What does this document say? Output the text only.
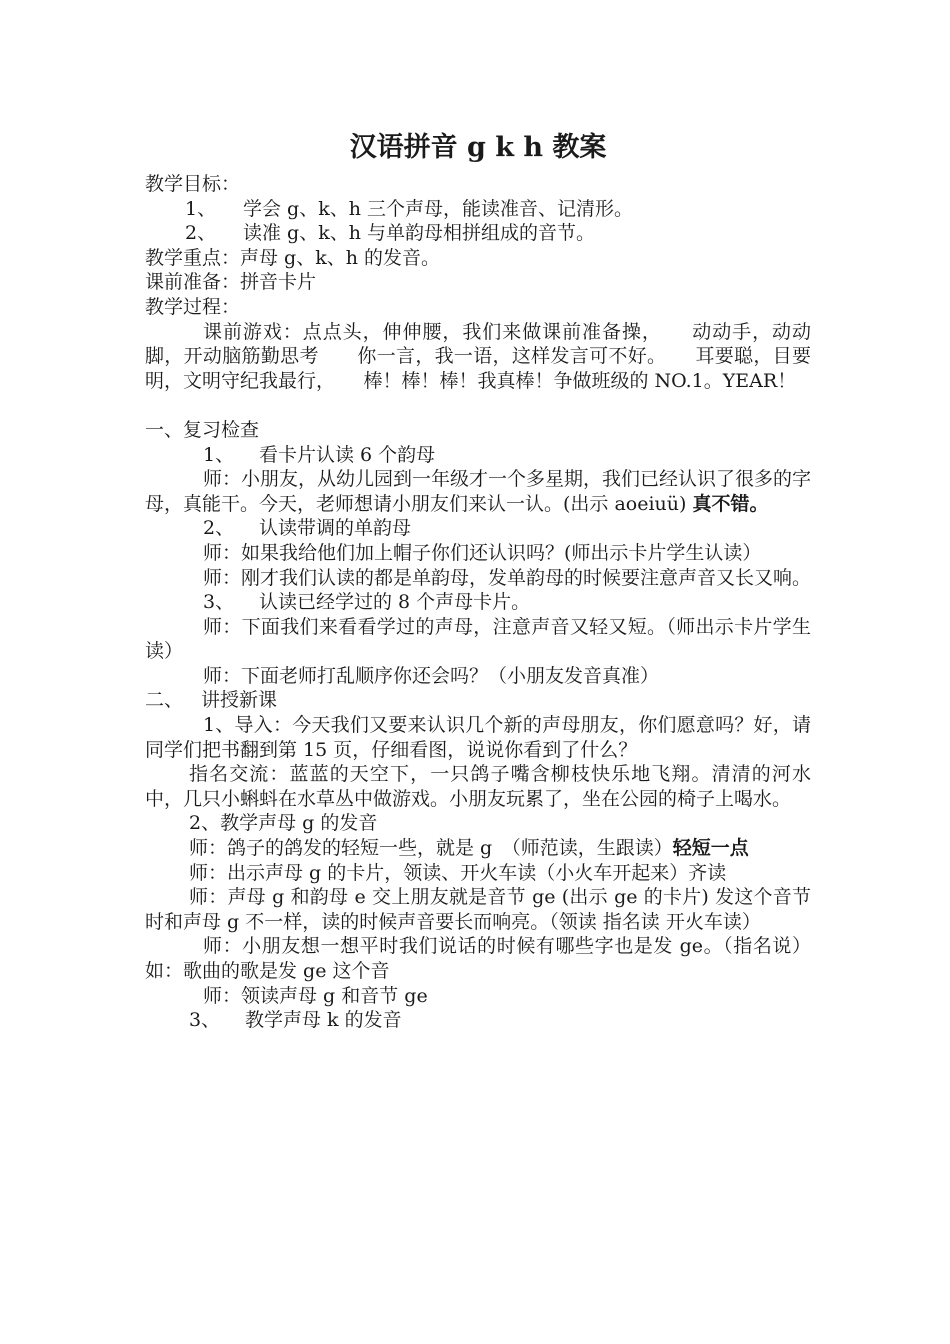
汉语拼音 g k h 教案

教学目标：

1、 学会 g、k、h 三个声母，能读准音、记清形。

2、 读准 g、k、h 与单韵母相拼组成的音节。

教学重点：声母 g、k、h 的发音。

课前准备：拼音卡片

教学过程：

课前游戏：点点头，伸伸腰，我们来做课前准备操，　　动动手，动动脚，开动脑筋勤思考　　你一言，我一语，这样发言可不好。　　耳要聪，目要明，文明守纪我最行，　　棒！棒！棒！我真棒！争做班级的 NO.1。YEAR！

一、复习检查

1、 看卡片认读 6 个韵母

师：小朋友，从幼儿园到一年级才一个多星期，我们已经认识了很多的字母，真能干。今天，老师想请小朋友们来认一认。(出示 aoeiuü) 真不错。

2、 认读带调的单韵母

师：如果我给他们加上帽子你们还认识吗？(师出示卡片学生认读）

师：刚才我们认读的都是单韵母，发单韵母的时候要注意声音又长又响。

3、 认读已经学过的 8 个声母卡片。

师：下面我们来看看学过的声母，注意声音又轻又短。（师出示卡片学生读）

师：下面老师打乱顺序你还会吗？（小朋友发音真准）

二、 讲授新课

1、导入：今天我们又要来认识几个新的声母朋友，你们愿意吗？好，请同学们把书翻到第 15 页，仔细看图，说说你看到了什么？

指名交流：蓝蓝的天空下，一只鸽子嘴含柳枝快乐地飞翔。清清的河水中，几只小蝌蚪在水草丛中做游戏。小朋友玩累了，坐在公园的椅子上喝水。

2、教学声母 g 的发音

师：鸽子的鸽发的轻短一些，就是 g　（师范读，生跟读）轻短一点

师：出示声母 g 的卡片，领读、开火车读（小火车开起来）齐读

师：声母 g 和韵母 e 交上朋友就是音节 ge (出示 ge 的卡片) 发这个音节时和声母 g 不一样，读的时候声音要长而响亮。（领读 指名读 开火车读）

师：小朋友想一想平时我们说话的时候有哪些字也是发 ge。（指名说）如：歌曲的歌是发 ge 这个音

师：领读声母 g 和音节 ge

3、 教学声母 k 的发音
